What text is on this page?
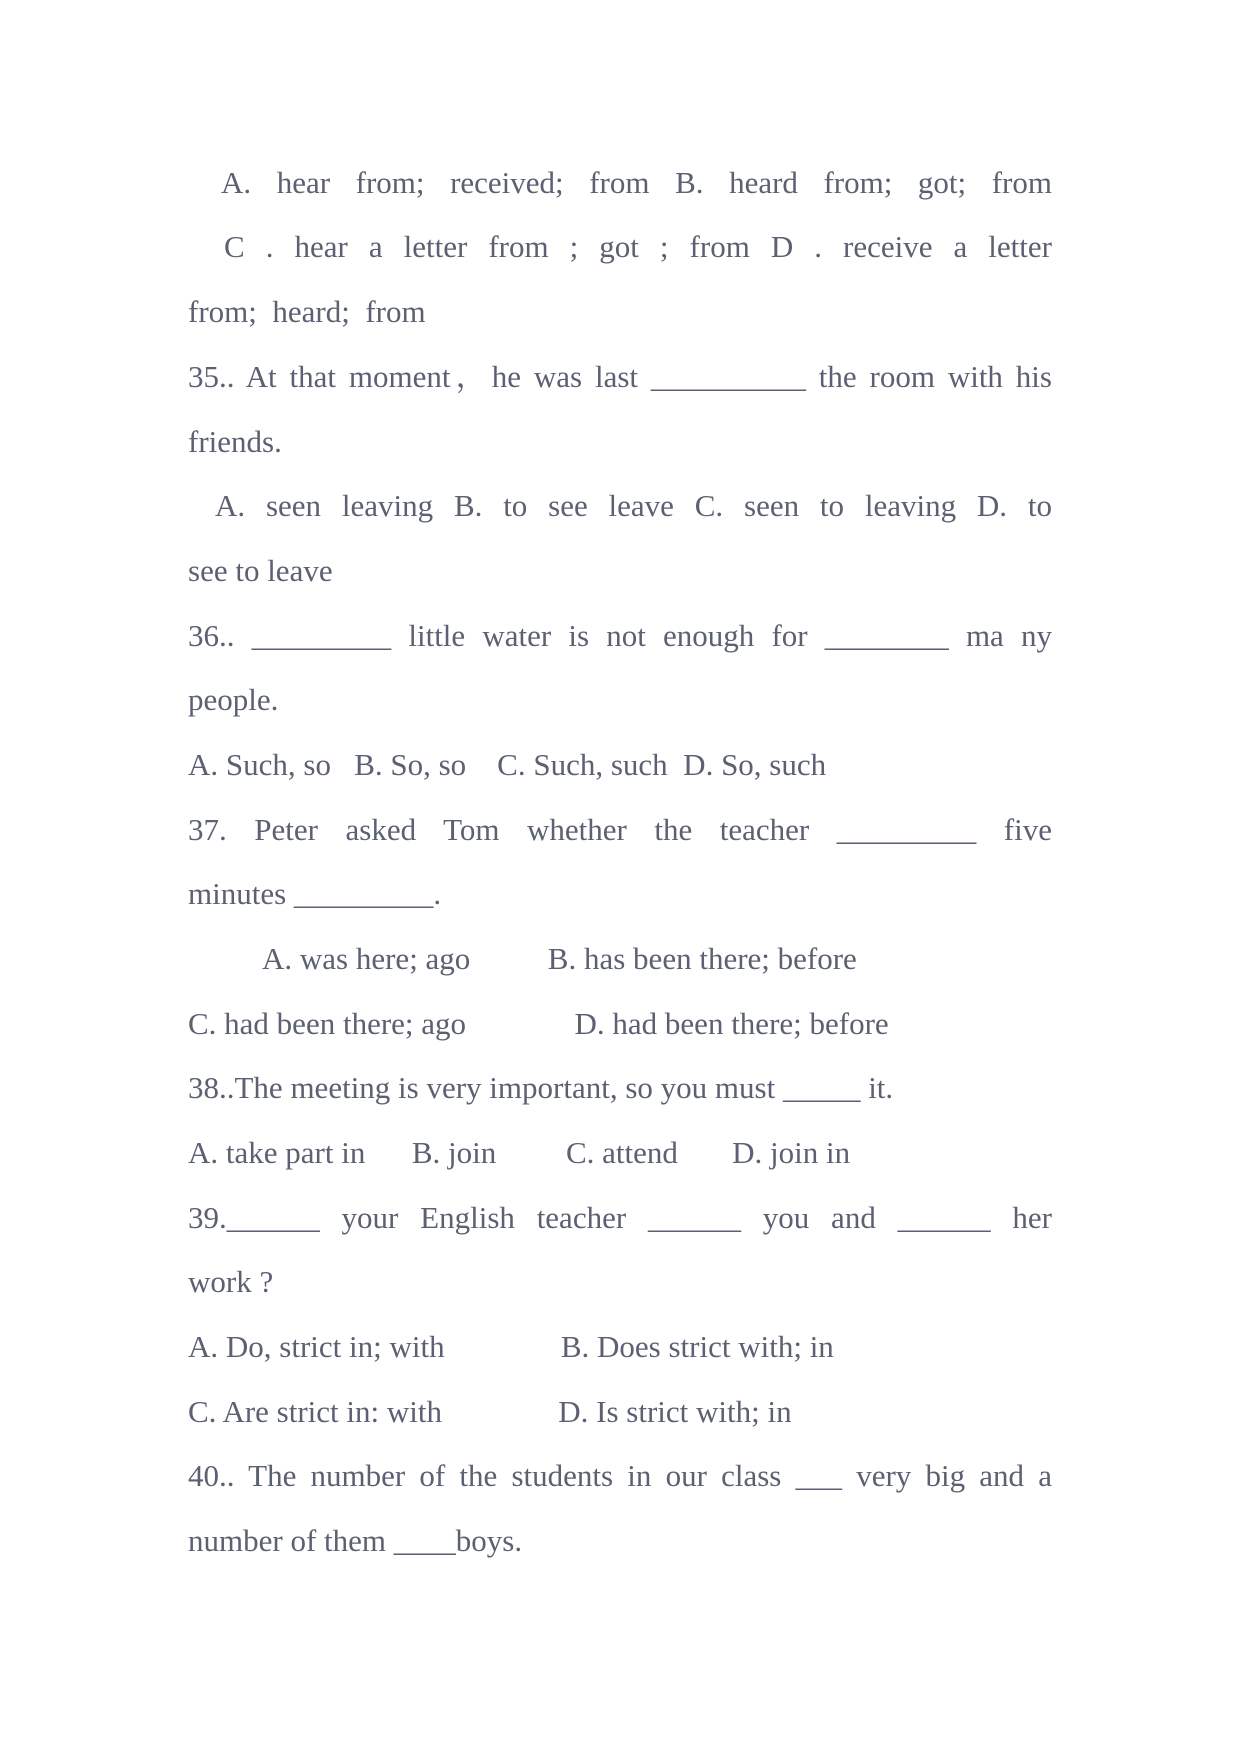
A. hear from; received; from B. heard from; got; from
C . hear a letter from ; got ; from D . receive a letter
from;  heard;  from
35.. At that moment，he was last __________ the room with his
friends.
A. seen leaving B. to see leave C. seen to leaving D. to
see to leave
36.. _________ little water is not enough for ________ ma ny
people.
A. Such, so   B. So, so    C. Such, such  D. So, such
37. Peter asked Tom whether the teacher _________ five
minutes _________.
A. was here; ago          B. has been there; before
C. had been there; ago              D. had been there; before
38..The meeting is very important, so you must _____ it.
A. take part in      B. join         C. attend       D. join in
39.______ your English teacher ______ you and ______ her
work ?
A. Do, strict in; with               B. Does strict with; in
C. Are strict in: with               D. Is strict with; in
40.. The number of the students in our class ___ very big and a
number of them ____boys.
